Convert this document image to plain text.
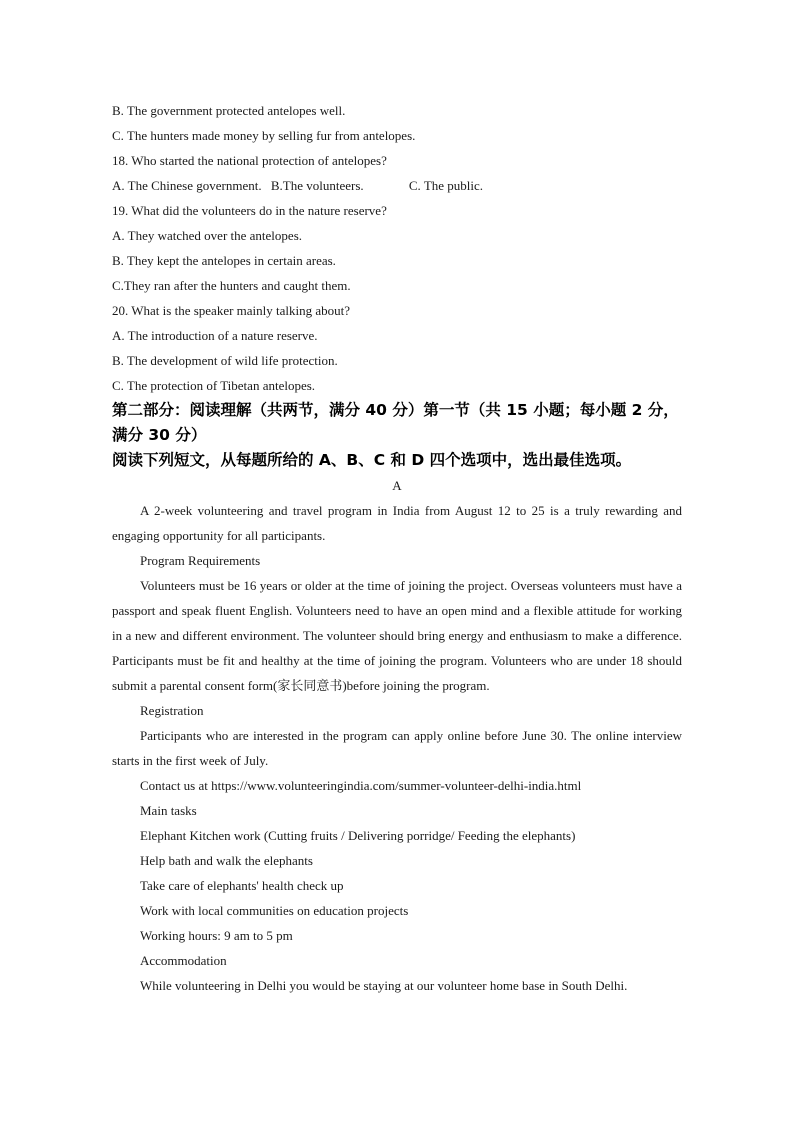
B. The government protected antelopes well.
C. The hunters made money by selling fur from antelopes.
18. Who started the national protection of antelopes?
A. The Chinese government. B.The volunteers.	C. The public.
19. What did the volunteers do in the nature reserve?
A. They watched over the antelopes.
B. They kept the antelopes in certain areas.
C.They ran after the hunters and caught them.
20. What is the speaker mainly talking about?
A. The introduction of a nature reserve.
B. The development of wild life protection.
C. The protection of Tibetan antelopes.
第二部分：阅读理解（共两节，满分 40 分）第一节（共 15 小题；每小题 2 分，
满分 30 分）
阅读下列短文，从每题所给的 A、B、C 和 D 四个选项中，选出最佳选项。
A

A 2-week volunteering and travel program in India from August 12 to 25 is a truly rewarding and engaging opportunity for all participants.

Program Requirements

Volunteers must be 16 years or older at the time of joining the project. Overseas volunteers must have a passport and speak fluent English. Volunteers need to have an open mind and a flexible attitude for working in a new and different environment. The volunteer should bring energy and enthusiasm to make a difference. Participants must be fit and healthy at the time of joining the program. Volunteers who are under 18 should submit a parental consent form(家长同意书)before joining the program.

Registration

Participants who are interested in the program can apply online before June 30. The online interview starts in the first week of July.

Contact us at https://www.volunteeringindia.com/summer-volunteer-delhi-india.html
Main tasks
Elephant Kitchen work (Cutting fruits / Delivering porridge/ Feeding the elephants)
Help bath and walk the elephants
Take care of elephants' health check up
Work with local communities on education projects
Working hours: 9 am to 5 pm
Accommodation
While volunteering in Delhi you would be staying at our volunteer home base in South Delhi.
